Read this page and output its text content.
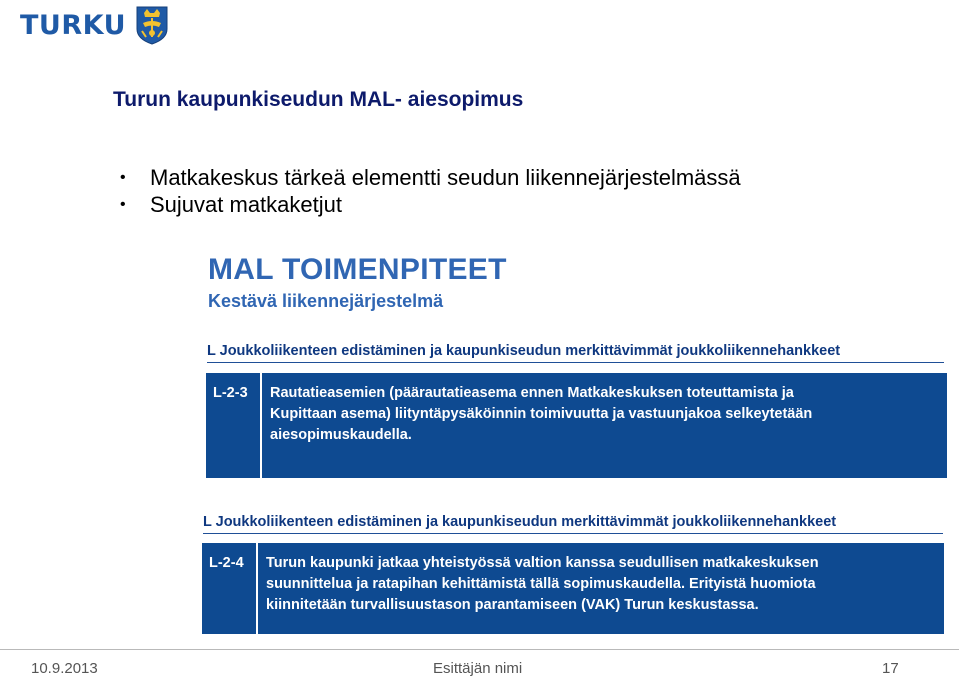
TURKU
Turun kaupunkiseudun MAL- aiesopimus
•	Matkakeskus tärkeä elementti seudun liikennejärjestelmässä
•	Sujuvat matkaketjut
MAL TOIMENPITEET
Kestävä liikennejärjestelmä
L Joukkoliikenteen edistäminen ja kaupunkiseudun merkittävimmät joukkoliikennehankkeet
L-2-3	Rautatieasemien (päärautatieasema ennen Matkakeskuksen toteuttamista ja
Kupittaan asema) liityntäpysäköinnin toimivuutta ja vastuunjakoa selkeytetään
aiesopimuskaudella.
L Joukkoliikenteen edistäminen ja kaupunkiseudun merkittävimmät joukkoliikennehankkeet
L-2-4	Turun kaupunki jatkaa yhteistyössä valtion kanssa seudullisen matkakeskuksen
suunnittelua ja ratapihan kehittämistä tällä sopimuskaudella. Erityistä huomiota
kiinnitetään turvallisuustason parantamiseen (VAK) Turun keskustassa.
10.9.2013	Esittäjän nimi	17
